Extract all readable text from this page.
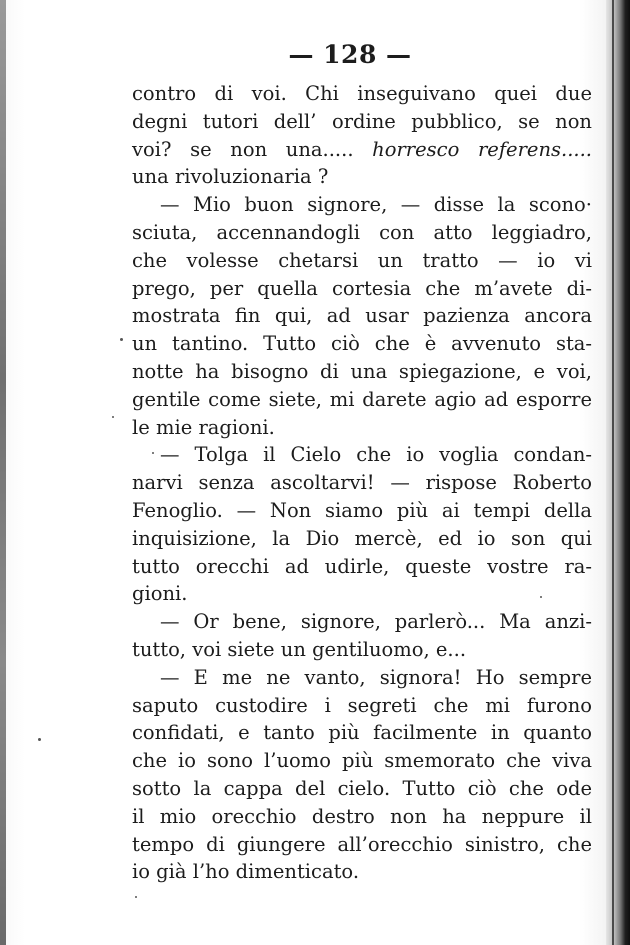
— 128 —
contro di voi. Chi inseguivano quei due
degni tutori dell’ ordine pubblico, se non
voi? se non una..... horresco referens.....
una rivoluzionaria ?
— Mio buon signore, — disse la scono·
sciuta, accennandogli con atto leggiadro,
che volesse chetarsi un tratto — io vi
prego, per quella cortesia che m’avete di-
mostrata fin qui, ad usar pazienza ancora
un tantino. Tutto ciò che è avvenuto sta-
notte ha bisogno di una spiegazione, e voi,
gentile come siete, mi darete agio ad esporre
le mie ragioni.
— Tolga il Cielo che io voglia condan-
narvi senza ascoltarvi! — rispose Roberto
Fenoglio. — Non siamo più ai tempi della
inquisizione, la Dio mercè, ed io son qui
tutto orecchi ad udirle, queste vostre ra-
gioni.
— Or bene, signore, parlerò... Ma anzi-
tutto, voi siete un gentiluomo, e...
— E me ne vanto, signora! Ho sempre
saputo custodire i segreti che mi furono
confidati, e tanto più facilmente in quanto
che io sono l’uomo più smemorato che viva
sotto la cappa del cielo. Tutto ciò che ode
il mio orecchio destro non ha neppure il
tempo di giungere all’orecchio sinistro, che
io già l’ho dimenticato.
